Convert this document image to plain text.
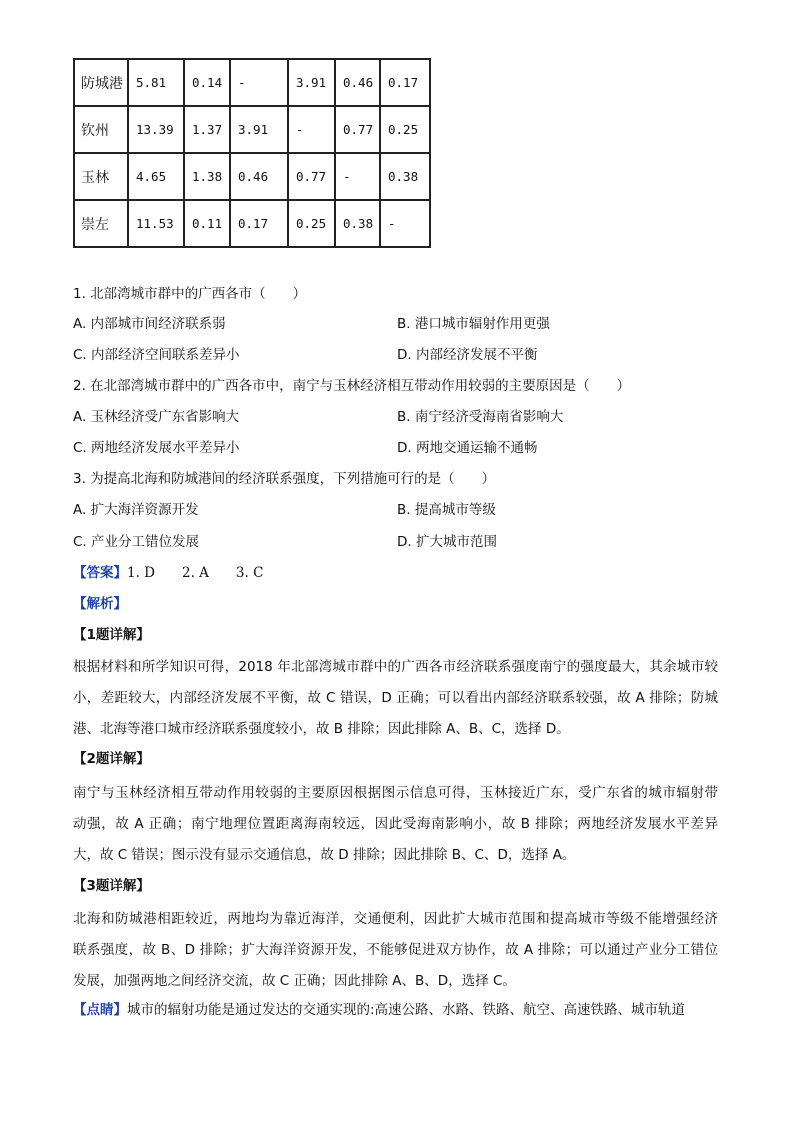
防城港	5.81	0.14	-	3.91	0.46	0.17
钦州	13.39	1.37	3.91	-	0.77	0.25
玉林	4.65	1.38	0.46	0.77	-	0.38
崇左	11.53	0.11	0.17	0.25	0.38	-
1. 北部湾城市群中的广西各市（　　）
A. 内部城市间经济联系弱	B. 港口城市辐射作用更强
C. 内部经济空间联系差异小	D. 内部经济发展不平衡
2. 在北部湾城市群中的广西各市中，南宁与玉林经济相互带动作用较弱的主要原因是（　　）
A. 玉林经济受广东省影响大	B. 南宁经济受海南省影响大
C. 两地经济发展水平差异小	D. 两地交通运输不通畅
3. 为提高北海和防城港间的经济联系强度，下列措施可行的是（　　）
A. 扩大海洋资源开发	B. 提高城市等级
C. 产业分工错位发展	D. 扩大城市范围
【答案】1. D　　2. A　　3. C
【解析】
【1题详解】
根据材料和所学知识可得，2018 年北部湾城市群中的广西各市经济联系强度南宁的强度最大，其余城市较
小，差距较大，内部经济发展不平衡，故 C 错误，D 正确；可以看出内部经济联系较强，故 A 排除；防城
港、北海等港口城市经济联系强度较小，故 B 排除；因此排除 A、B、C，选择 D。
【2题详解】
南宁与玉林经济相互带动作用较弱的主要原因根据图示信息可得，玉林接近广东，受广东省的城市辐射带
动强，故 A 正确；南宁地理位置距离海南较远，因此受海南影响小，故 B 排除；两地经济发展水平差异
大，故 C 错误；图示没有显示交通信息，故 D 排除；因此排除 B、C、D，选择 A。
【3题详解】
北海和防城港相距较近，两地均为靠近海洋，交通便利，因此扩大城市范围和提高城市等级不能增强经济
联系强度，故 B、D 排除；扩大海洋资源开发，不能够促进双方协作，故 A 排除；可以通过产业分工错位
发展，加强两地之间经济交流，故 C 正确；因此排除 A、B、D，选择 C。
【点睛】城市的辐射功能是通过发达的交通实现的:高速公路、水路、铁路、航空、高速铁路、城市轨道
